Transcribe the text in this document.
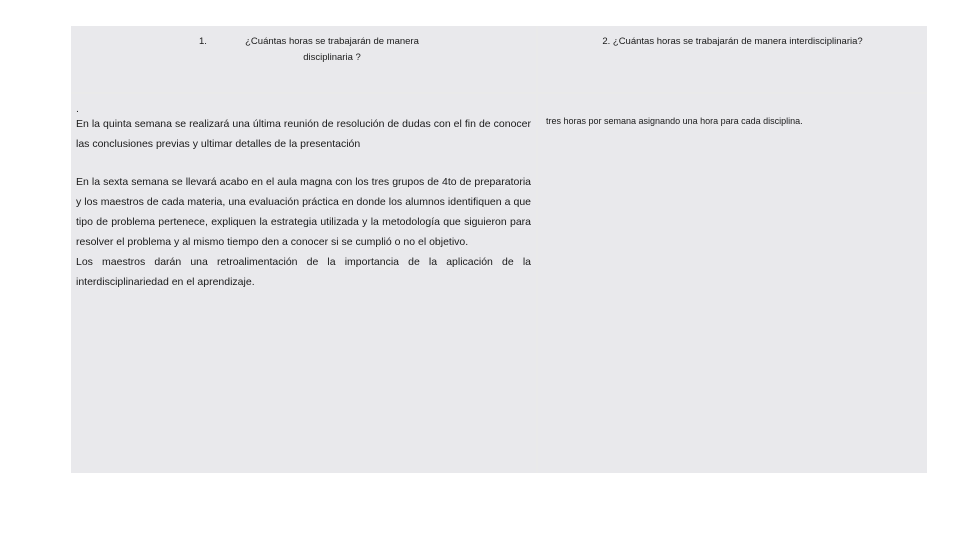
1.	¿Cuántas horas se trabajarán de manera disciplinaria ?
2. ¿Cuántas horas se trabajarán de manera interdisciplinaria?

.

En la quinta semana se realizará una última reunión de resolución de dudas con el fin de conocer las conclusiones previas y ultimar detalles de la presentación

En la sexta semana se llevará acabo en el aula magna con los tres grupos de 4to de preparatoria y los maestros de cada materia, una evaluación práctica en donde los alumnos identifiquen a que tipo de problema pertenece, expliquen la estrategia utilizada y la metodología que siguieron para resolver el problema y al mismo tiempo den a conocer si se cumplió o no el objetivo.

Los maestros darán una retroalimentación de la importancia de la aplicación de la interdisciplinariedad en el aprendizaje.

tres horas por semana asignando una hora para cada disciplina.
